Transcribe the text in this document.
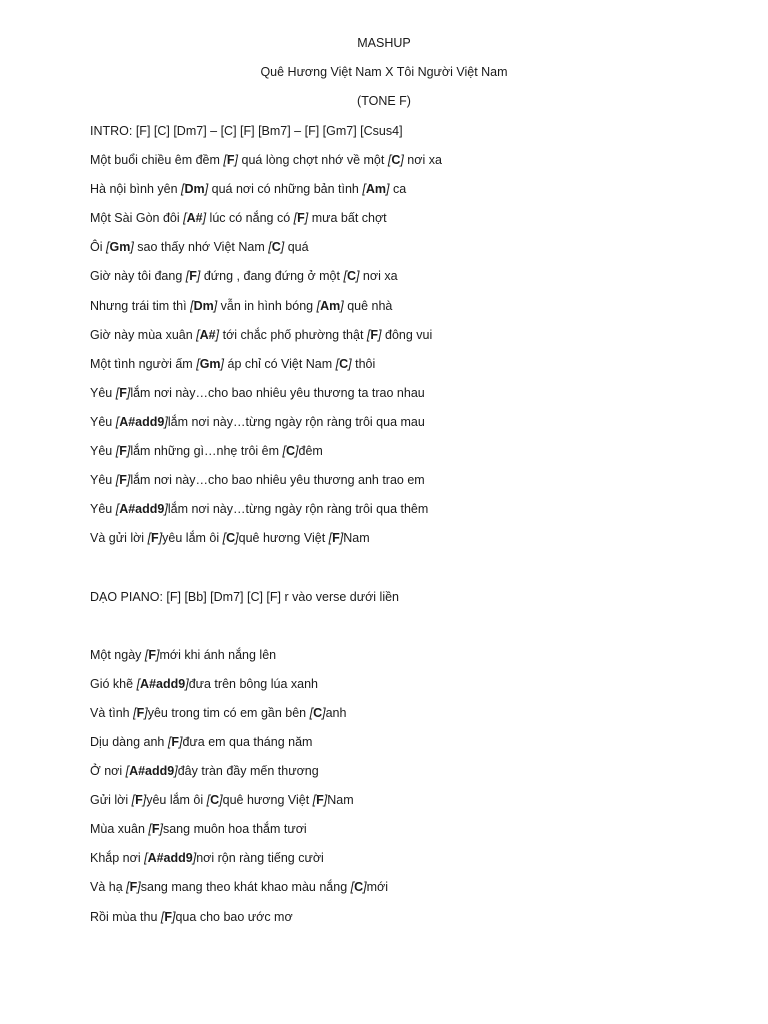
MASHUP
Quê Hương Việt Nam X Tôi Người Việt Nam
(TONE F)
INTRO: [F] [C] [Dm7] – [C] [F] [Bm7] – [F] [Gm7] [Csus4]
Một buổi chiều êm đềm [F] quá lòng chợt nhớ về một [C] nơi xa
Hà nội bình yên [Dm] quá nơi có những bản tình [Am] ca
Một Sài Gòn đôi [A#] lúc có nắng có [F] mưa bất chợt
Ôi [Gm] sao thấy nhớ Việt Nam [C] quá
Giờ này tôi đang [F] đứng , đang đứng ở một [C] nơi xa
Nhưng trái tim thì [Dm] vẫn in hình bóng [Am] quê nhà
Giờ này mùa xuân [A#] tới chắc phố phường thật [F] đông vui
Một tình người ấm [Gm] áp chỉ có Việt Nam [C] thôi
Yêu [F]lắm nơi này…cho bao nhiêu yêu thương ta trao nhau
Yêu [A#add9]lắm nơi này…từng ngày rộn ràng trôi qua mau
Yêu [F]lắm những gì…nhẹ trôi êm [C]đêm
Yêu [F]lắm nơi này…cho bao nhiêu yêu thương anh trao em
Yêu [A#add9]lắm nơi này…từng ngày rộn ràng trôi qua thêm
Và gửi lời [F]yêu lắm ôi [C]quê hương Việt [F]Nam
DẠO PIANO: [F] [Bb] [Dm7] [C] [F] r vào verse dưới liền
Một ngày [F]mới khi ánh nắng lên
Gió khẽ [A#add9]đưa trên bông lúa xanh
Và tình [F]yêu trong tim có em gần bên [C]anh
Dịu dàng anh [F]đưa em qua tháng năm
Ở nơi [A#add9]đây tràn đầy mến thương
Gửi lời [F]yêu lắm ôi [C]quê hương Việt [F]Nam
Mùa xuân [F]sang muôn hoa thắm tươi
Khắp nơi [A#add9]nơi rộn ràng tiếng cười
Và hạ [F]sang mang theo khát khao màu nắng [C]mới
Rồi mùa thu [F]qua cho bao ước mơ
